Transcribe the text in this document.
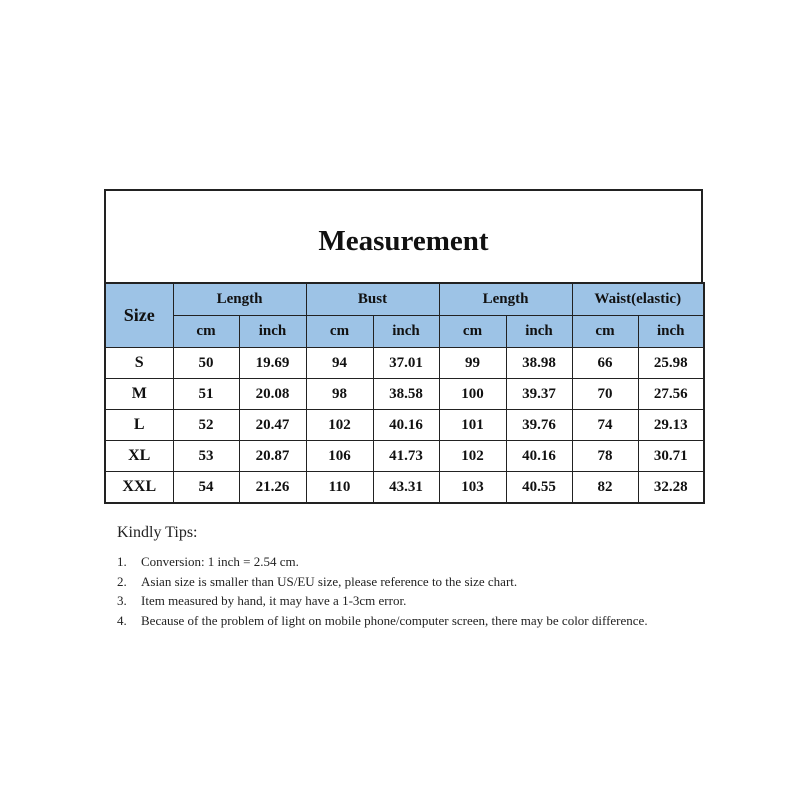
Measurement
Size	Length		Bust		Length		Waist(elastic)	
	cm	inch	cm	inch	cm	inch	cm	inch
S	50	19.69	94	37.01	99	38.98	66	25.98
M	51	20.08	98	38.58	100	39.37	70	27.56
L	52	20.47	102	40.16	101	39.76	74	29.13
XL	53	20.87	106	41.73	102	40.16	78	30.71
XXL	54	21.26	110	43.31	103	40.55	82	32.28
Kindly Tips:
1.	Conversion: 1 inch = 2.54 cm.
2.	Asian size is smaller than US/EU size, please reference to the size chart.
3.	Item measured by hand, it may have a 1-3cm error.
4.	Because of the problem of light on mobile phone/computer screen, there may be color difference.
